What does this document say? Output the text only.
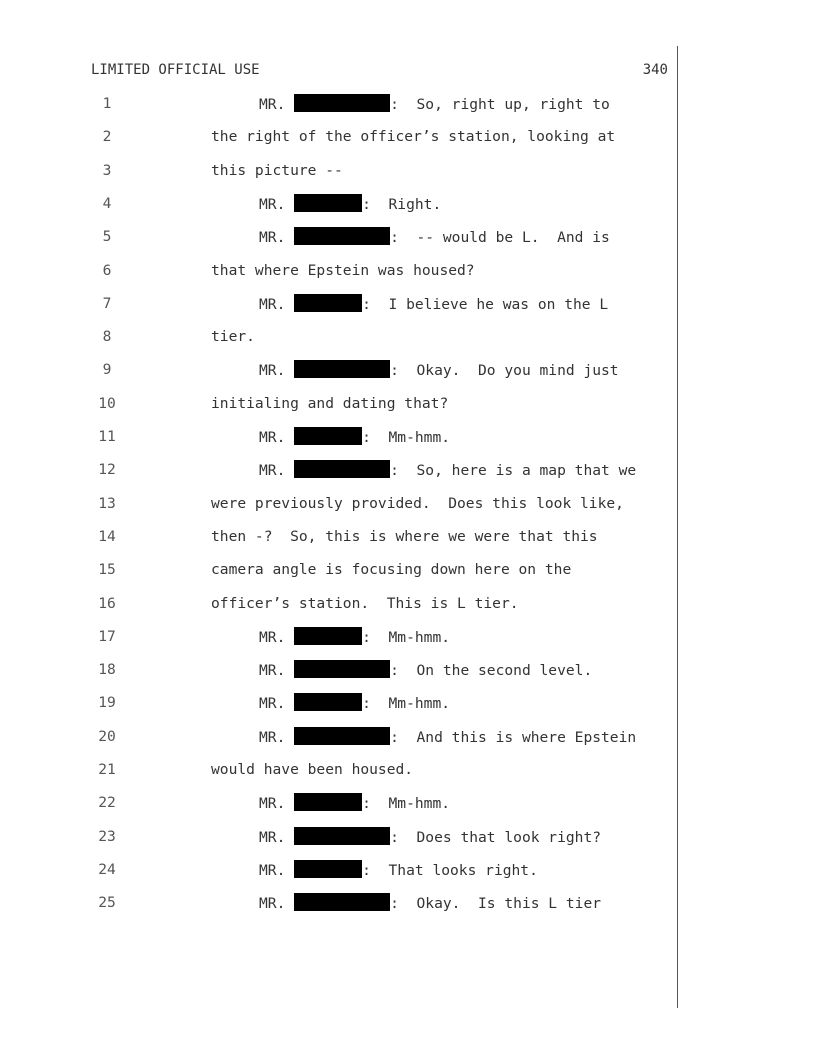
LIMITED OFFICIAL USE	340
1	MR.	:  So, right up, right to
2	the right of the officer’s station, looking at
3	this picture --
4	MR.	:  Right.
5	MR.	:  -- would be L.  And is
6	that where Epstein was housed?
7	MR.	:  I believe he was on the L
8	tier.
9	MR.	:  Okay.  Do you mind just
10	initialing and dating that?
11	MR.	:  Mm-hmm.
12	MR.	:  So, here is a map that we
13	were previously provided.  Does this look like,
14	then -?  So, this is where we were that this
15	camera angle is focusing down here on the
16	officer’s station.  This is L tier.
17	MR.	:  Mm-hmm.
18	MR.	:  On the second level.
19	MR.	:  Mm-hmm.
20	MR.	:  And this is where Epstein
21	would have been housed.
22	MR.	:  Mm-hmm.
23	MR.	:  Does that look right?
24	MR.	:  That looks right.
25	MR.	:  Okay.  Is this L tier
